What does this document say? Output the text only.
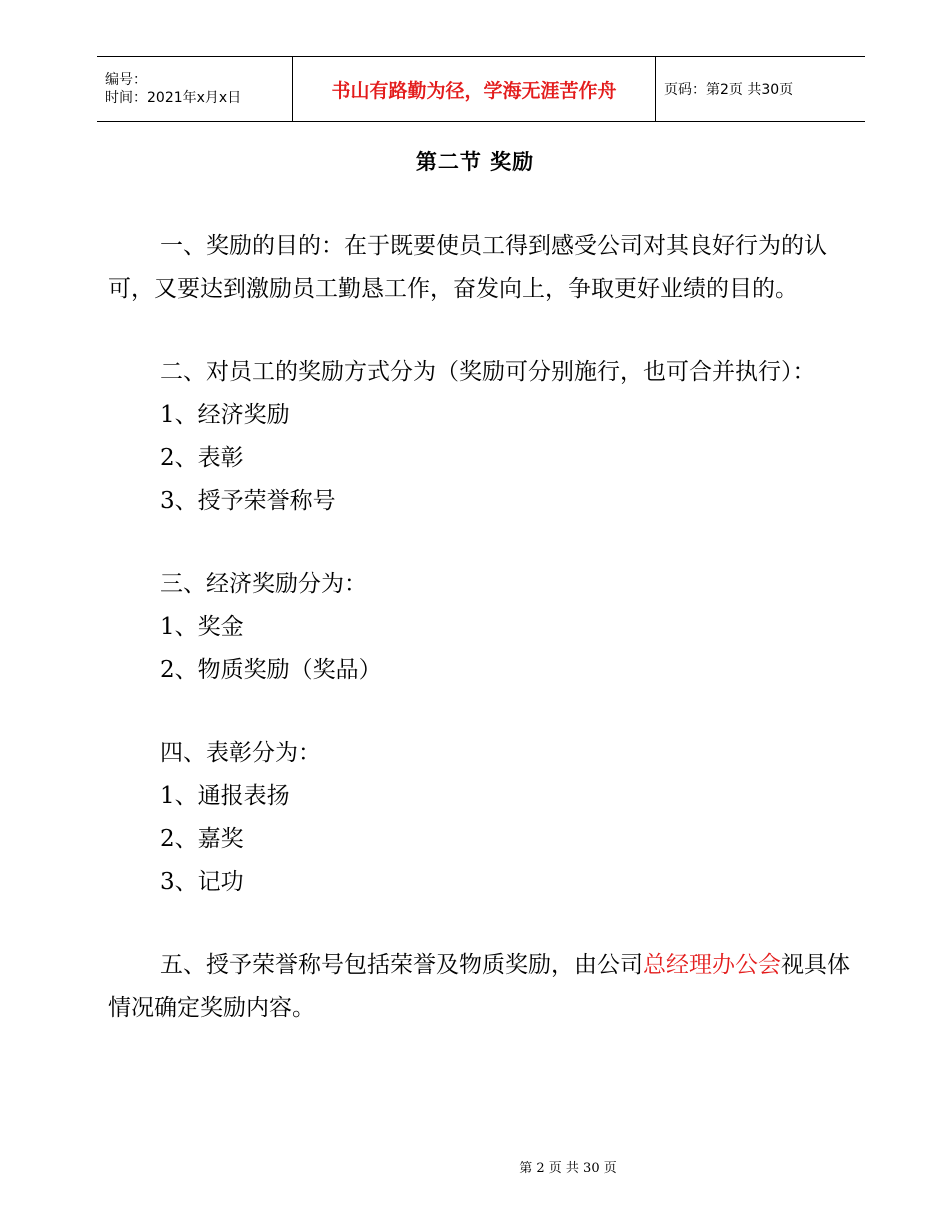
编号：
时间：2021年x月x日	书山有路勤为径，学海无涯苦作舟	页码：第2页 共30页
第二节 奖励

一、奖励的目的：在于既要使员工得到感受公司对其良好行为的认可，又要达到激励员工勤恳工作，奋发向上，争取更好业绩的目的。

二、对员工的奖励方式分为（奖励可分别施行，也可合并执行）：

1、经济奖励

2、表彰

3、授予荣誉称号

三、经济奖励分为：

1、奖金

2、物质奖励（奖品）

四、表彰分为：

1、通报表扬

2、嘉奖

3、记功

五、授予荣誉称号包括荣誉及物质奖励，由公司总经理办公会视具体情况确定奖励内容。

第 2 页 共 30 页
